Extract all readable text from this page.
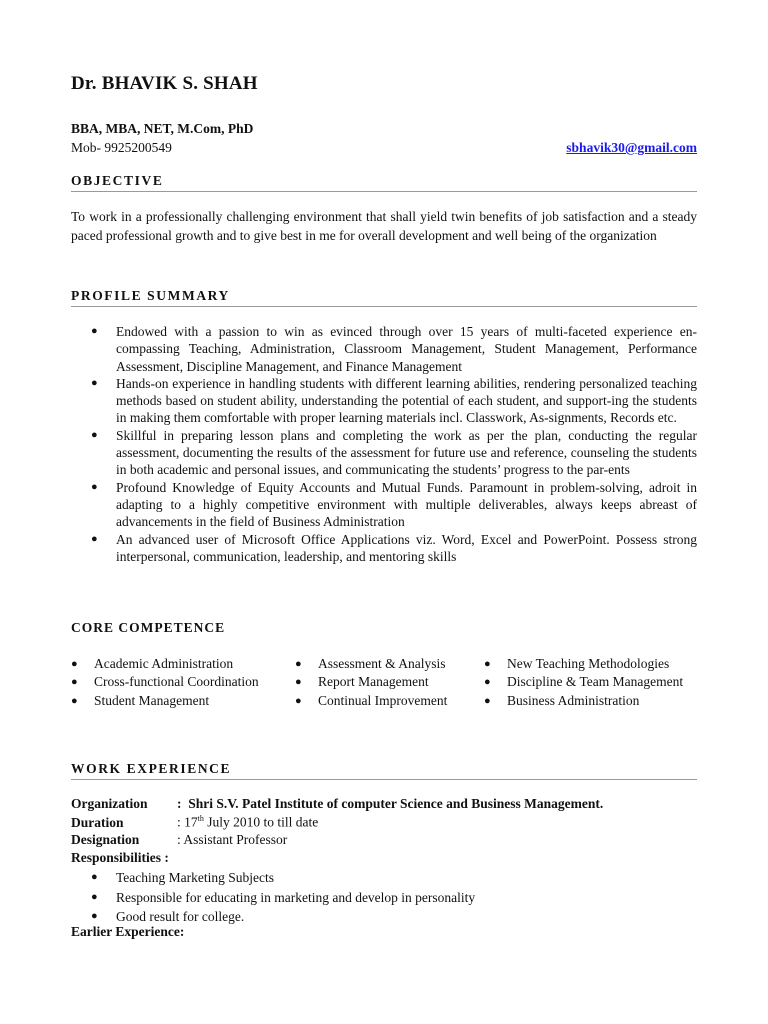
Dr. BHAVIK S. SHAH
BBA, MBA, NET, M.Com, PhD
Mob- 9925200549	sbhavik30@gmail.com
OBJECTIVE
To work in a professionally challenging environment that shall yield twin benefits of job satisfaction and a steady paced professional growth and to give best in me for overall development and well being of the organization
PROFILE SUMMARY
● Endowed with a passion to win as evinced through over 15 years of multi-faceted experience en-compassing Teaching, Administration, Classroom Management, Student Management, Performance Assessment, Discipline Management, and Finance Management
● Hands-on experience in handling students with different learning abilities, rendering personalized teaching methods based on student ability, understanding the potential of each student, and support-ing the students in making them comfortable with proper learning materials incl. Classwork, As-signments, Records etc.
● Skillful in preparing lesson plans and completing the work as per the plan, conducting the regular assessment, documenting the results of the assessment for future use and reference, counseling the students in both academic and personal issues, and communicating the students’ progress to the par-ents
● Profound Knowledge of Equity Accounts and Mutual Funds. Paramount in problem-solving, adroit in adapting to a highly competitive environment with multiple deliverables, always keeps abreast of advancements in the field of Business Administration
● An advanced user of Microsoft Office Applications viz. Word, Excel and PowerPoint. Possess strong interpersonal, communication, leadership, and mentoring skills
CORE COMPETENCE
● Academic Administration
● Cross-functional Coordination
● Student Management
● Assessment & Analysis
● Report Management
● Continual Improvement
● New Teaching Methodologies
● Discipline & Team Management
● Business Administration
WORK EXPERIENCE
Organization : Shri S.V. Patel Institute of computer Science and Business Management.
Duration	: 17th July 2010 to till date
Designation	: Assistant Professor
Responsibilities :
● Teaching Marketing Subjects
● Responsible for educating in marketing and develop in personality
● Good result for college.
Earlier Experience:
